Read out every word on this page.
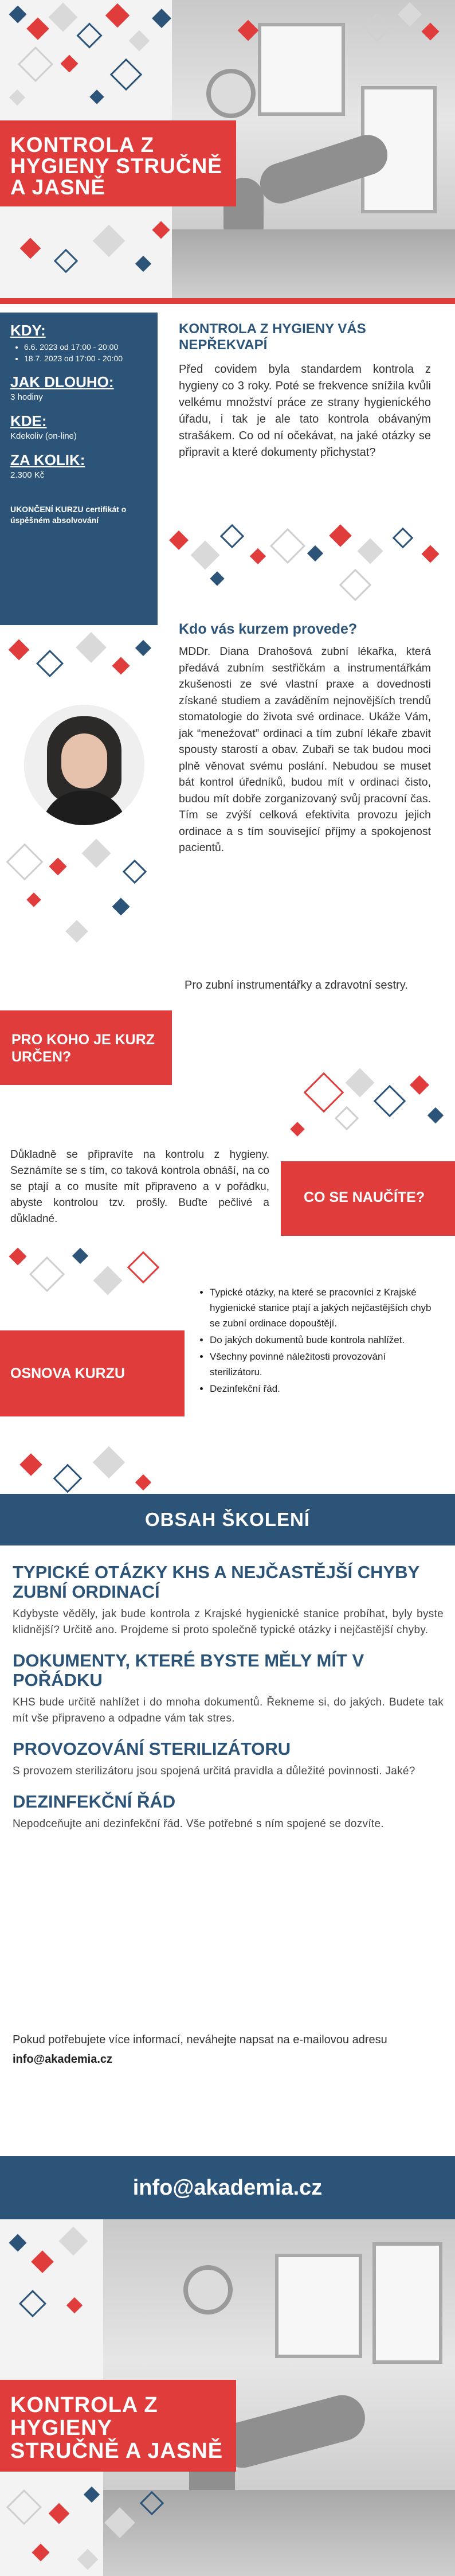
KONTROLA Z HYGIENY STRUČNĚ A JASNĚ
KDY:
• 6.6. 2023 od 17:00 - 20:00
• 18.7. 2023 od 17:00 - 20:00
JAK DLOUHO:

3 hodiny

KDE:

Kdekoliv (on-line)

ZA KOLIK:

2.300 Kč

UKONČENÍ KURZU certifikát o úspěšném absolvování
KONTROLA Z HYGIENY VÁS NEPŘEKVAPÍ
Před covidem byla standardem kontrola z hygieny co 3 roky. Poté se frekvence snížila kvůli velkému množství práce ze strany hygienického úřadu, i tak je ale tato kontrola obávaným strašákem. Co od ní očekávat, na jaké otázky se připravit a které dokumenty přichystat?
Kdo vás kurzem provede?
MDDr. Diana Drahošová zubní lékařka, která předává zubním sestřičkám a instrumentářkám zkušenosti ze své vlastní praxe a dovednosti získané studiem a zaváděním nejnovějších trendů stomatologie do života své ordinace. Ukáže Vám, jak “meneźovat” ordinaci a tím zubní lékaře zbavit spousty starostí a obav. Zubaři se tak budou moci plně věnovat svému poslání. Nebudou se muset bát kontrol úředníků, budou mít v ordinaci čisto, budou mít dobře zorganizovaný svůj pracovní čas. Tím se zvýší celková efektivita provozu jejich ordinace a s tím související příjmy a spokojenost pacientů.
PRO KOHO JE KURZ URČEN?
Pro zubní instrumentářky a zdravotní sestry.
Důkladně se připravíte na kontrolu z hygieny. Seznámíte se s tím, co taková kontrola obnáší, na co se ptají a co musíte mít připraveno a v pořádku, abyste kontrolou tzv. prošly. Buďte pečlivé a důkladné.
CO SE NAUČÍTE?
OSNOVA KURZU
• Typické otázky, na které se pracovníci z Krajské hygienické stanice ptají a jakých nejčastějších chyb se zubní ordinace dopouštějí.
• Do jakých dokumentů bude kontrola nahlížet.
• Všechny povinné náležitosti provozování sterilizátoru.
• Dezinfekční řád.
OBSAH ŠKOLENÍ
TYPICKÉ OTÁZKY KHS A NEJČASTĚJŠÍ CHYBY ZUBNÍ ORDINACÍ
Kdybyste věděly, jak bude kontrola z Krajské hygienické stanice probíhat, byly byste klidnější? Určitě ano. Projdeme si proto společně typické otázky i nejčastější chyby.
DOKUMENTY, KTERÉ BYSTE MĚLY MÍT V POŘÁDKU
KHS bude určitě nahlížet i do mnoha dokumentů. Řekneme si, do jakých. Budete tak mít vše připraveno a odpadne vám tak stres.
PROVOZOVÁNÍ STERILIZÁTORU
S provozem sterilizátoru jsou spojená určitá pravidla a důležité povinnosti. Jaké?
DEZINFEKČNÍ ŘÁD
Nepodceňujte ani dezinfekční řád. Vše potřebné s ním spojené se dozvíte.
Pokud potřebujete více informací, neváhejte napsat na e-mailovou adresu info@akademia.cz
info@akademia.cz
KONTROLA Z HYGIENY STRUČNĚ A JASNĚ
